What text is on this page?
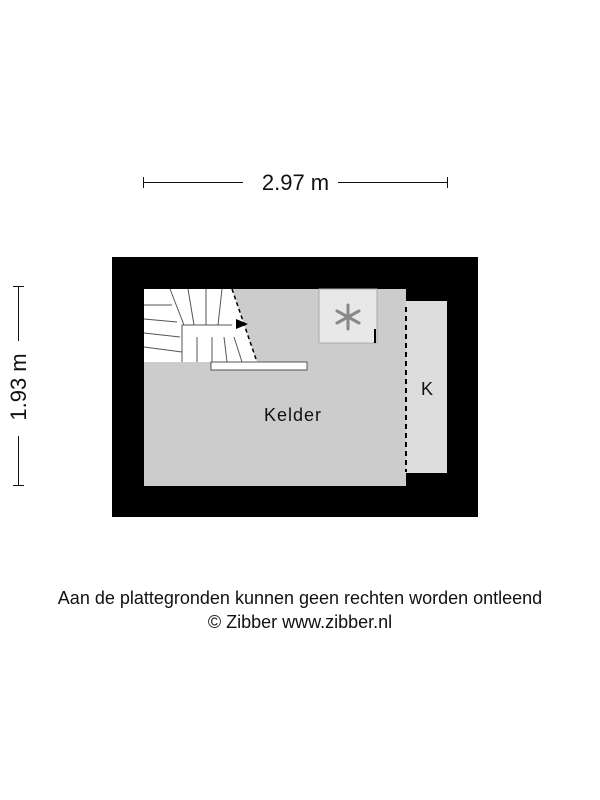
2.97 m
1.93 m	Kelder
K
Aan de plattegronden kunnen geen rechten worden ontleend
© Zibber www.zibber.nl
